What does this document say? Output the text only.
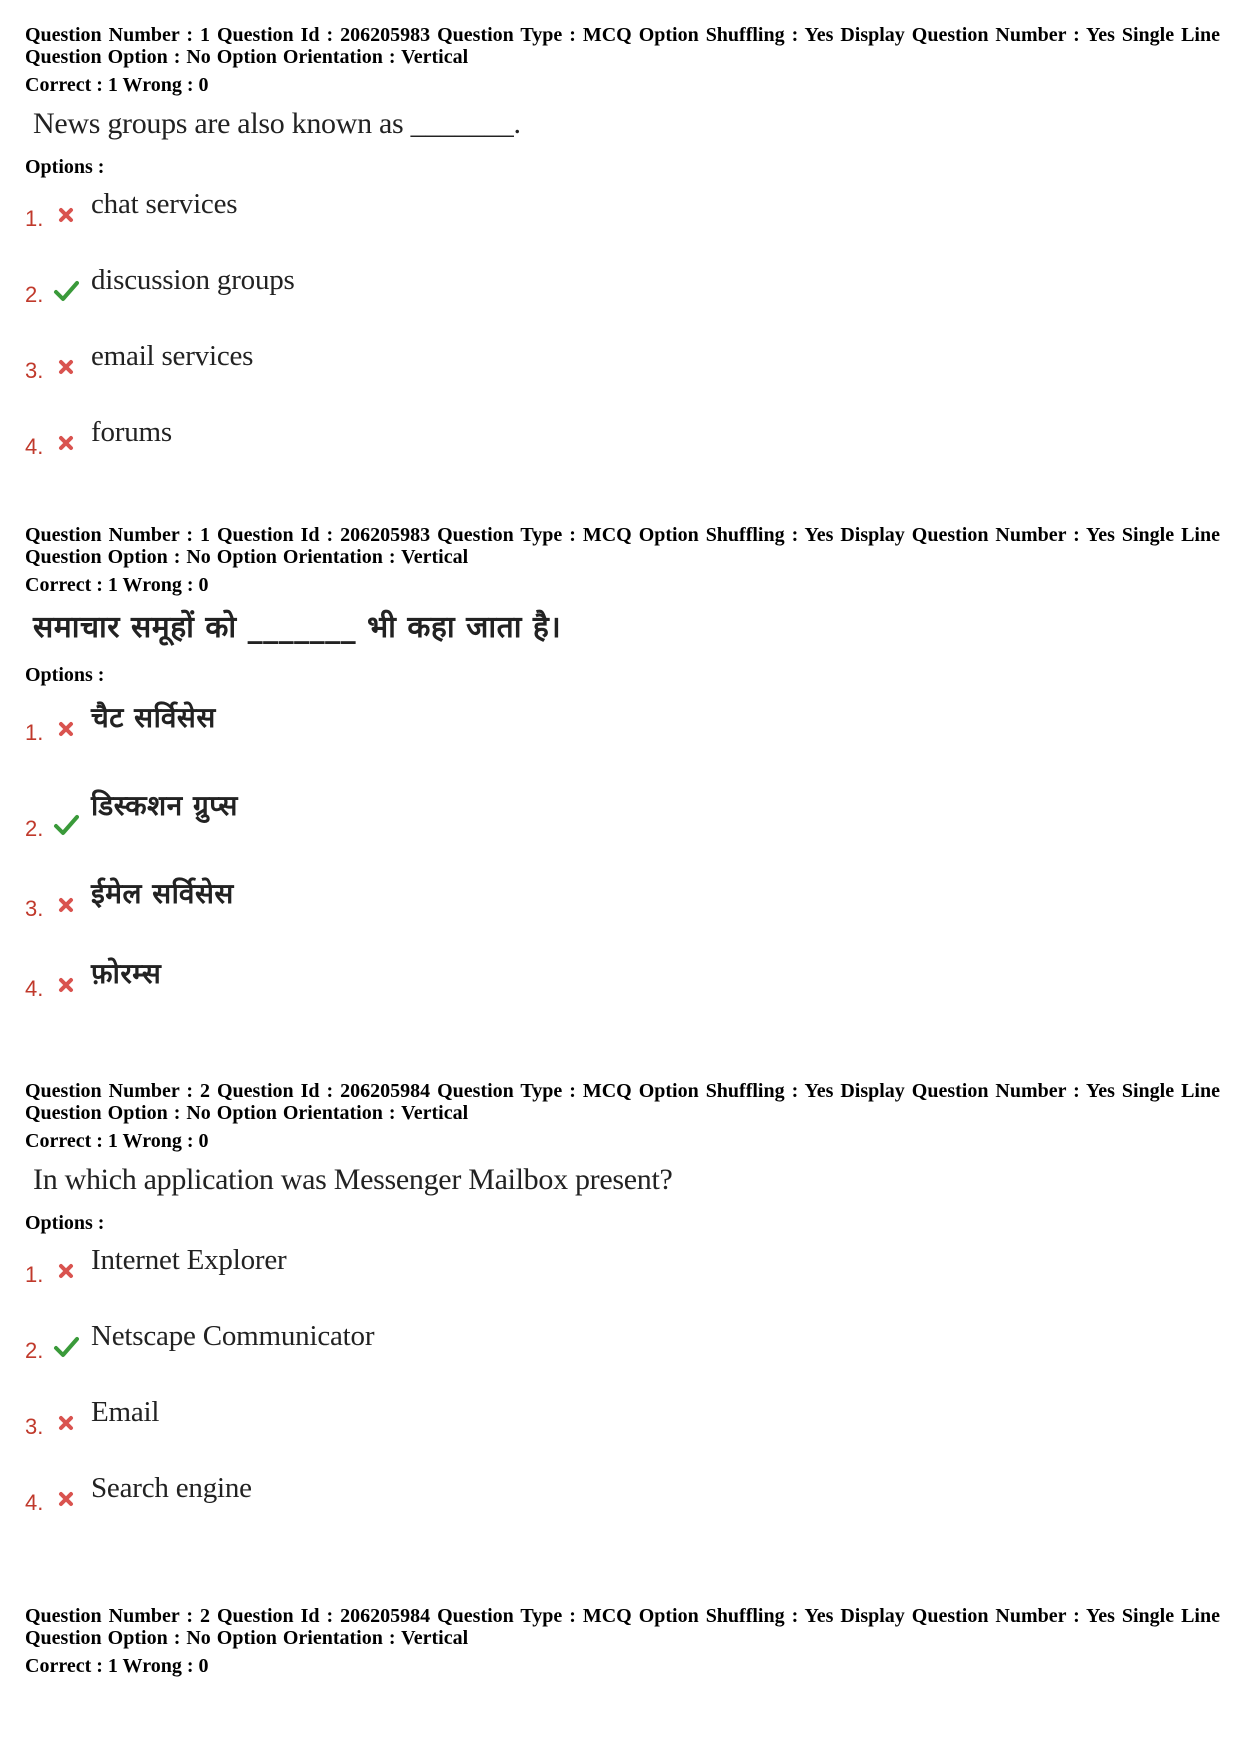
Question Number : 1 Question Id : 206205983 Question Type : MCQ Option Shuffling : Yes Display Question Number : Yes Single Line Question Option : No Option Orientation : Vertical
Correct : 1 Wrong : 0
News groups are also known as _______.
Options :
1. chat services
2. discussion groups
3. email services
4. forums
Question Number : 1 Question Id : 206205983 Question Type : MCQ Option Shuffling : Yes Display Question Number : Yes Single Line Question Option : No Option Orientation : Vertical
Correct : 1 Wrong : 0
समाचार समूहों को _______ भी कहा जाता है।
Options :
1. चैट सर्विसेस
2.
डिस्कशन ग्रुप्स
3. ईमेल सर्विसेस
4. फ़ोरम्स
Question Number : 2 Question Id : 206205984 Question Type : MCQ Option Shuffling : Yes Display Question Number : Yes Single Line Question Option : No Option Orientation : Vertical
Correct : 1 Wrong : 0
In which application was Messenger Mailbox present?
Options :
1. Internet Explorer
2. Netscape Communicator
3. Email
4. Search engine
Question Number : 2 Question Id : 206205984 Question Type : MCQ Option Shuffling : Yes Display Question Number : Yes Single Line Question Option : No Option Orientation : Vertical
Correct : 1 Wrong : 0
